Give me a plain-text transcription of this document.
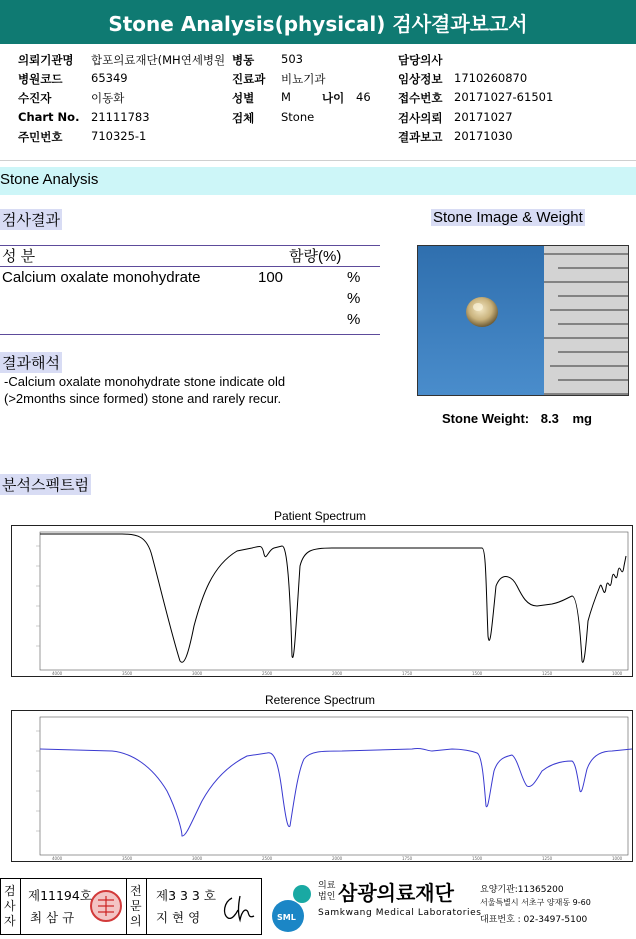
Stone Analysis(physical) 검사결과보고서
의뢰기관명 합포의료재단(MH연세병원 병동 503	담당의사
병원코드 65349	진료과 비뇨기과	임상정보 1710260870
수진자	이동화	성별 M	나이 46 접수번호 20171027-61501
Chart No. 21111783	검체 Stone	검사의뢰 20171027
주민번호 710325-1	결과보고 20171030
Stone Analysis
검사결과	Stone Image & Weight
성 분	함량(%)
Calcium oxalate monohydrate	100	%
%
%
결과해석
-Calcium oxalate monohydrate stone indicate old
(>2months since formed) stone and rarely recur.
Stone Weight: 8.3 mg
분석스펙트럼
Patient Spectrum
4000	3500	3000	2500	2000	1750	1500	1250	1000
Reterence Spectrum
4000	3500	3000	2500	2000	1750	1500	1250	1000
검사자
제11194호
최 삼 규
전문의
제3 3 3 호
지 현 영	SML
의료
법인 삼광의료재단
Samkwang Medical Laboratories
요양기관:11365200
서울특별시 서초구 양재동 9-60
대표번호 : 02-3497-5100
